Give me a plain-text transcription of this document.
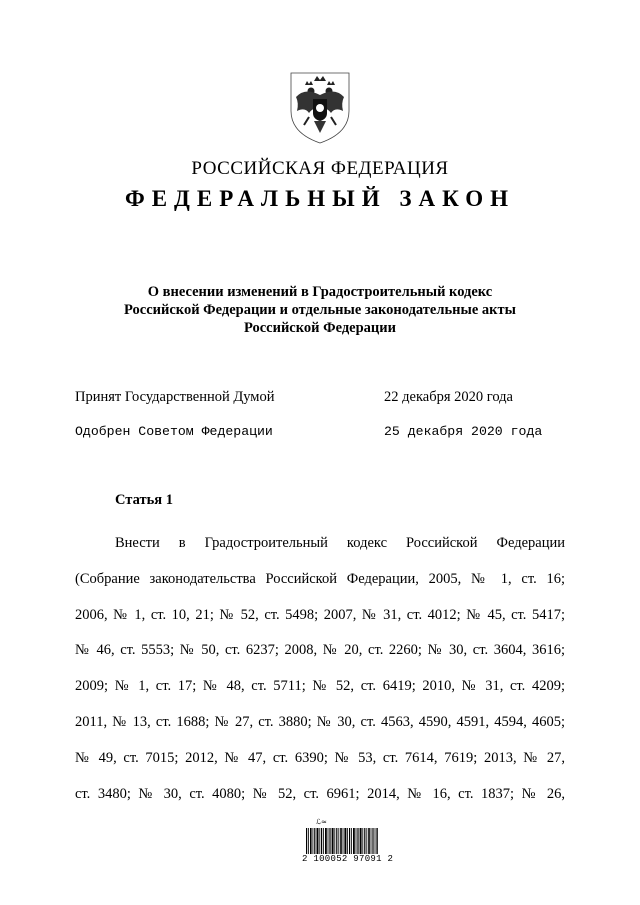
РОССИЙСКАЯ ФЕДЕРАЦИЯ
ФЕДЕРАЛЬНЫЙ ЗАКОН
О внесении изменений в Градостроительный кодекс
Российской Федерации и отдельные законодательные акты
Российской Федерации
Принят Государственной Думой	22 декабря 2020 года
Одобрен Советом Федерации	25 декабря 2020 года
Статья 1
Внести в Градостроительный кодекс Российской Федерации
(Собрание законодательства Российской Федерации, 2005, № 1, ст. 16;
2006, № 1, ст. 10, 21; № 52, ст. 5498; 2007, № 31, ст. 4012; № 45, ст. 5417;
№ 46, ст. 5553; № 50, ст. 6237; 2008, № 20, ст. 2260; № 30, ст. 3604, 3616;
2009; № 1, ст. 17; № 48, ст. 5711; № 52, ст. 6419; 2010, № 31, ст. 4209;
2011, № 13, ст. 1688; № 27, ст. 3880; № 30, ст. 4563, 4590, 4591, 4594, 4605;
№ 49, ст. 7015; 2012, № 47, ст. 6390; № 53, ст. 7614, 7619; 2013, № 27,
ст. 3480; № 30, ст. 4080; № 52, ст. 6961; 2014, № 16, ст. 1837; № 26,
ℒ≈
2 100052 97091 2
